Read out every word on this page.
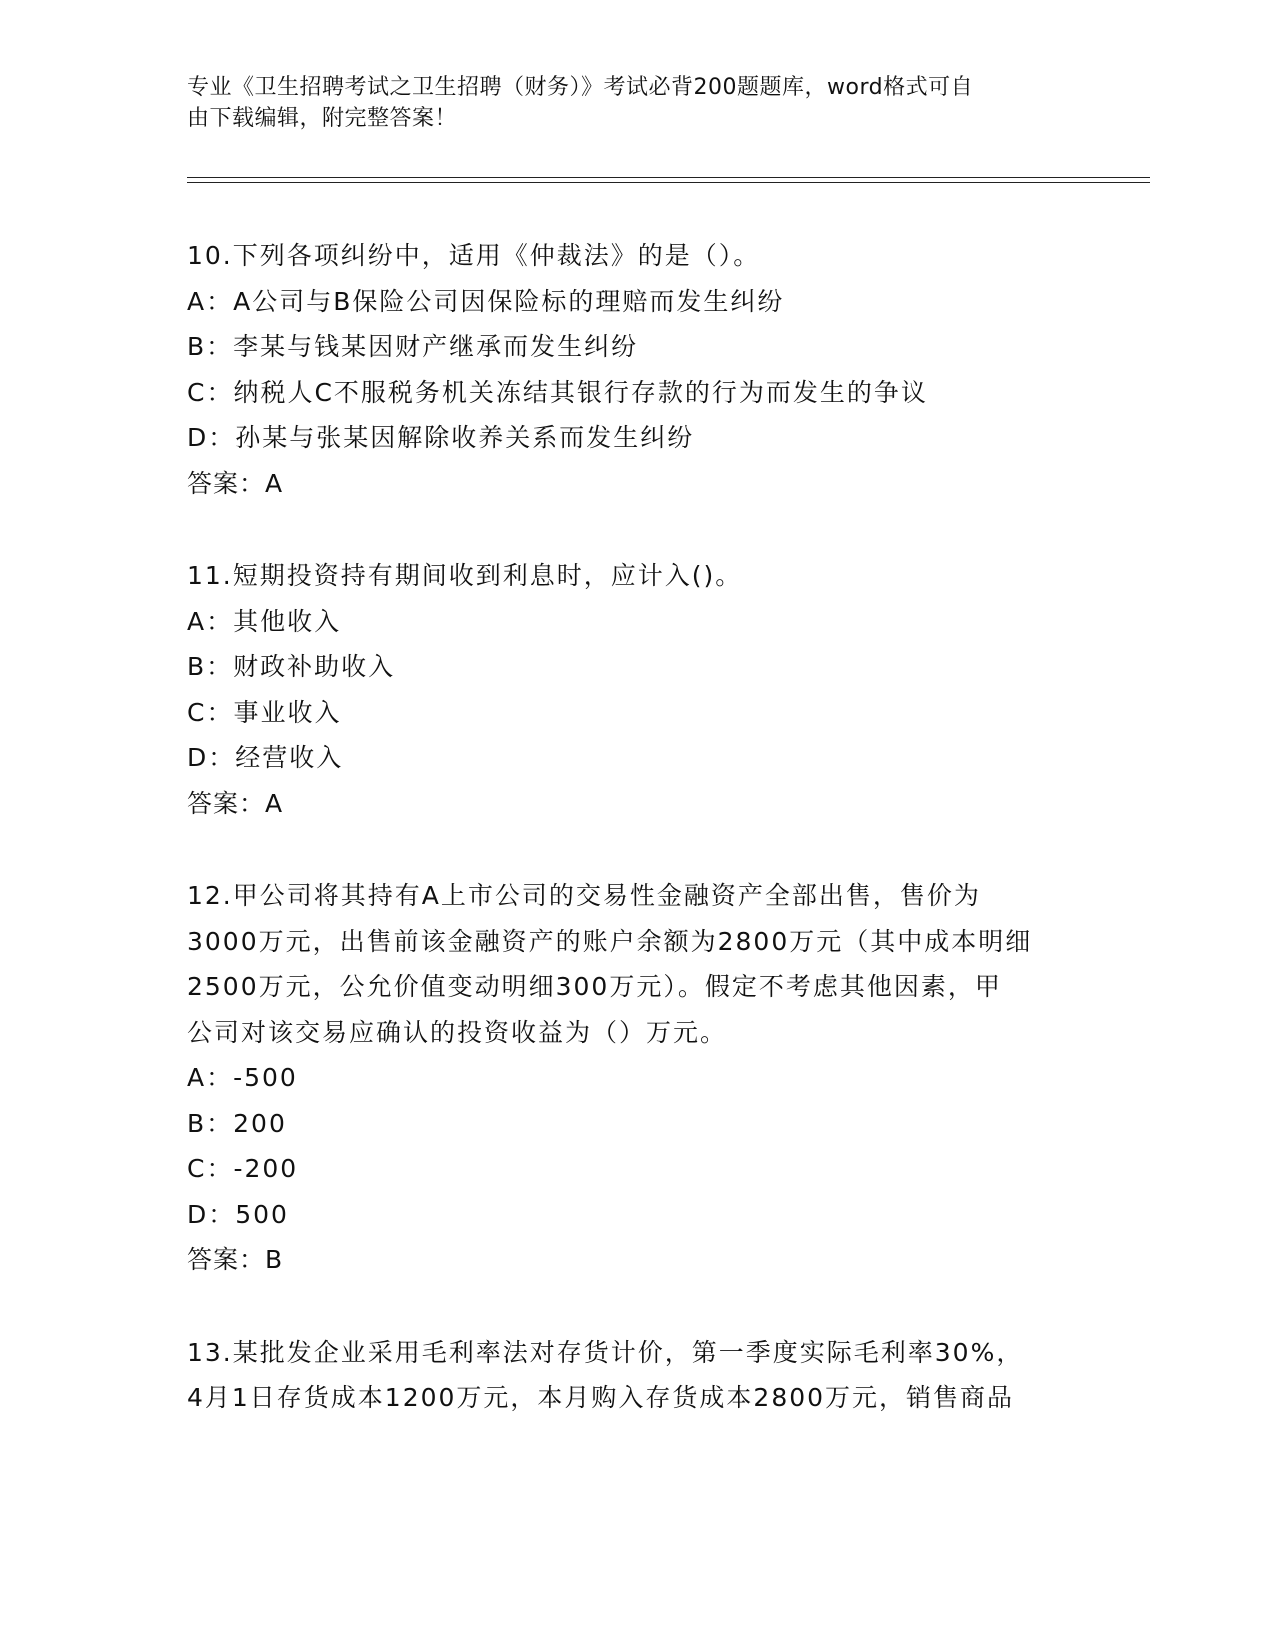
专业《卫生招聘考试之卫生招聘（财务）》考试必背200题题库，word格式可自
由下载编辑，附完整答案！

10.下列各项纠纷中，适用《仲裁法》的是（）。

A：A公司与B保险公司因保险标的理赔而发生纠纷

B：李某与钱某因财产继承而发生纠纷

C：纳税人C不服税务机关冻结其银行存款的行为而发生的争议

D：孙某与张某因解除收养关系而发生纠纷

答案：A

11.短期投资持有期间收到利息时，应计入()。

A：其他收入

B：财政补助收入

C：事业收入

D：经营收入

答案：A

12.甲公司将其持有A上市公司的交易性金融资产全部出售，售价为

3000万元，出售前该金融资产的账户余额为2800万元（其中成本明细

2500万元，公允价值变动明细300万元）。假定不考虑其他因素，甲

公司对该交易应确认的投资收益为（）万元。

A：-500

B：200

C：-200

D：500

答案：B

13.某批发企业采用毛利率法对存货计价，第一季度实际毛利率30%，

4月1日存货成本1200万元，本月购入存货成本2800万元，销售商品
